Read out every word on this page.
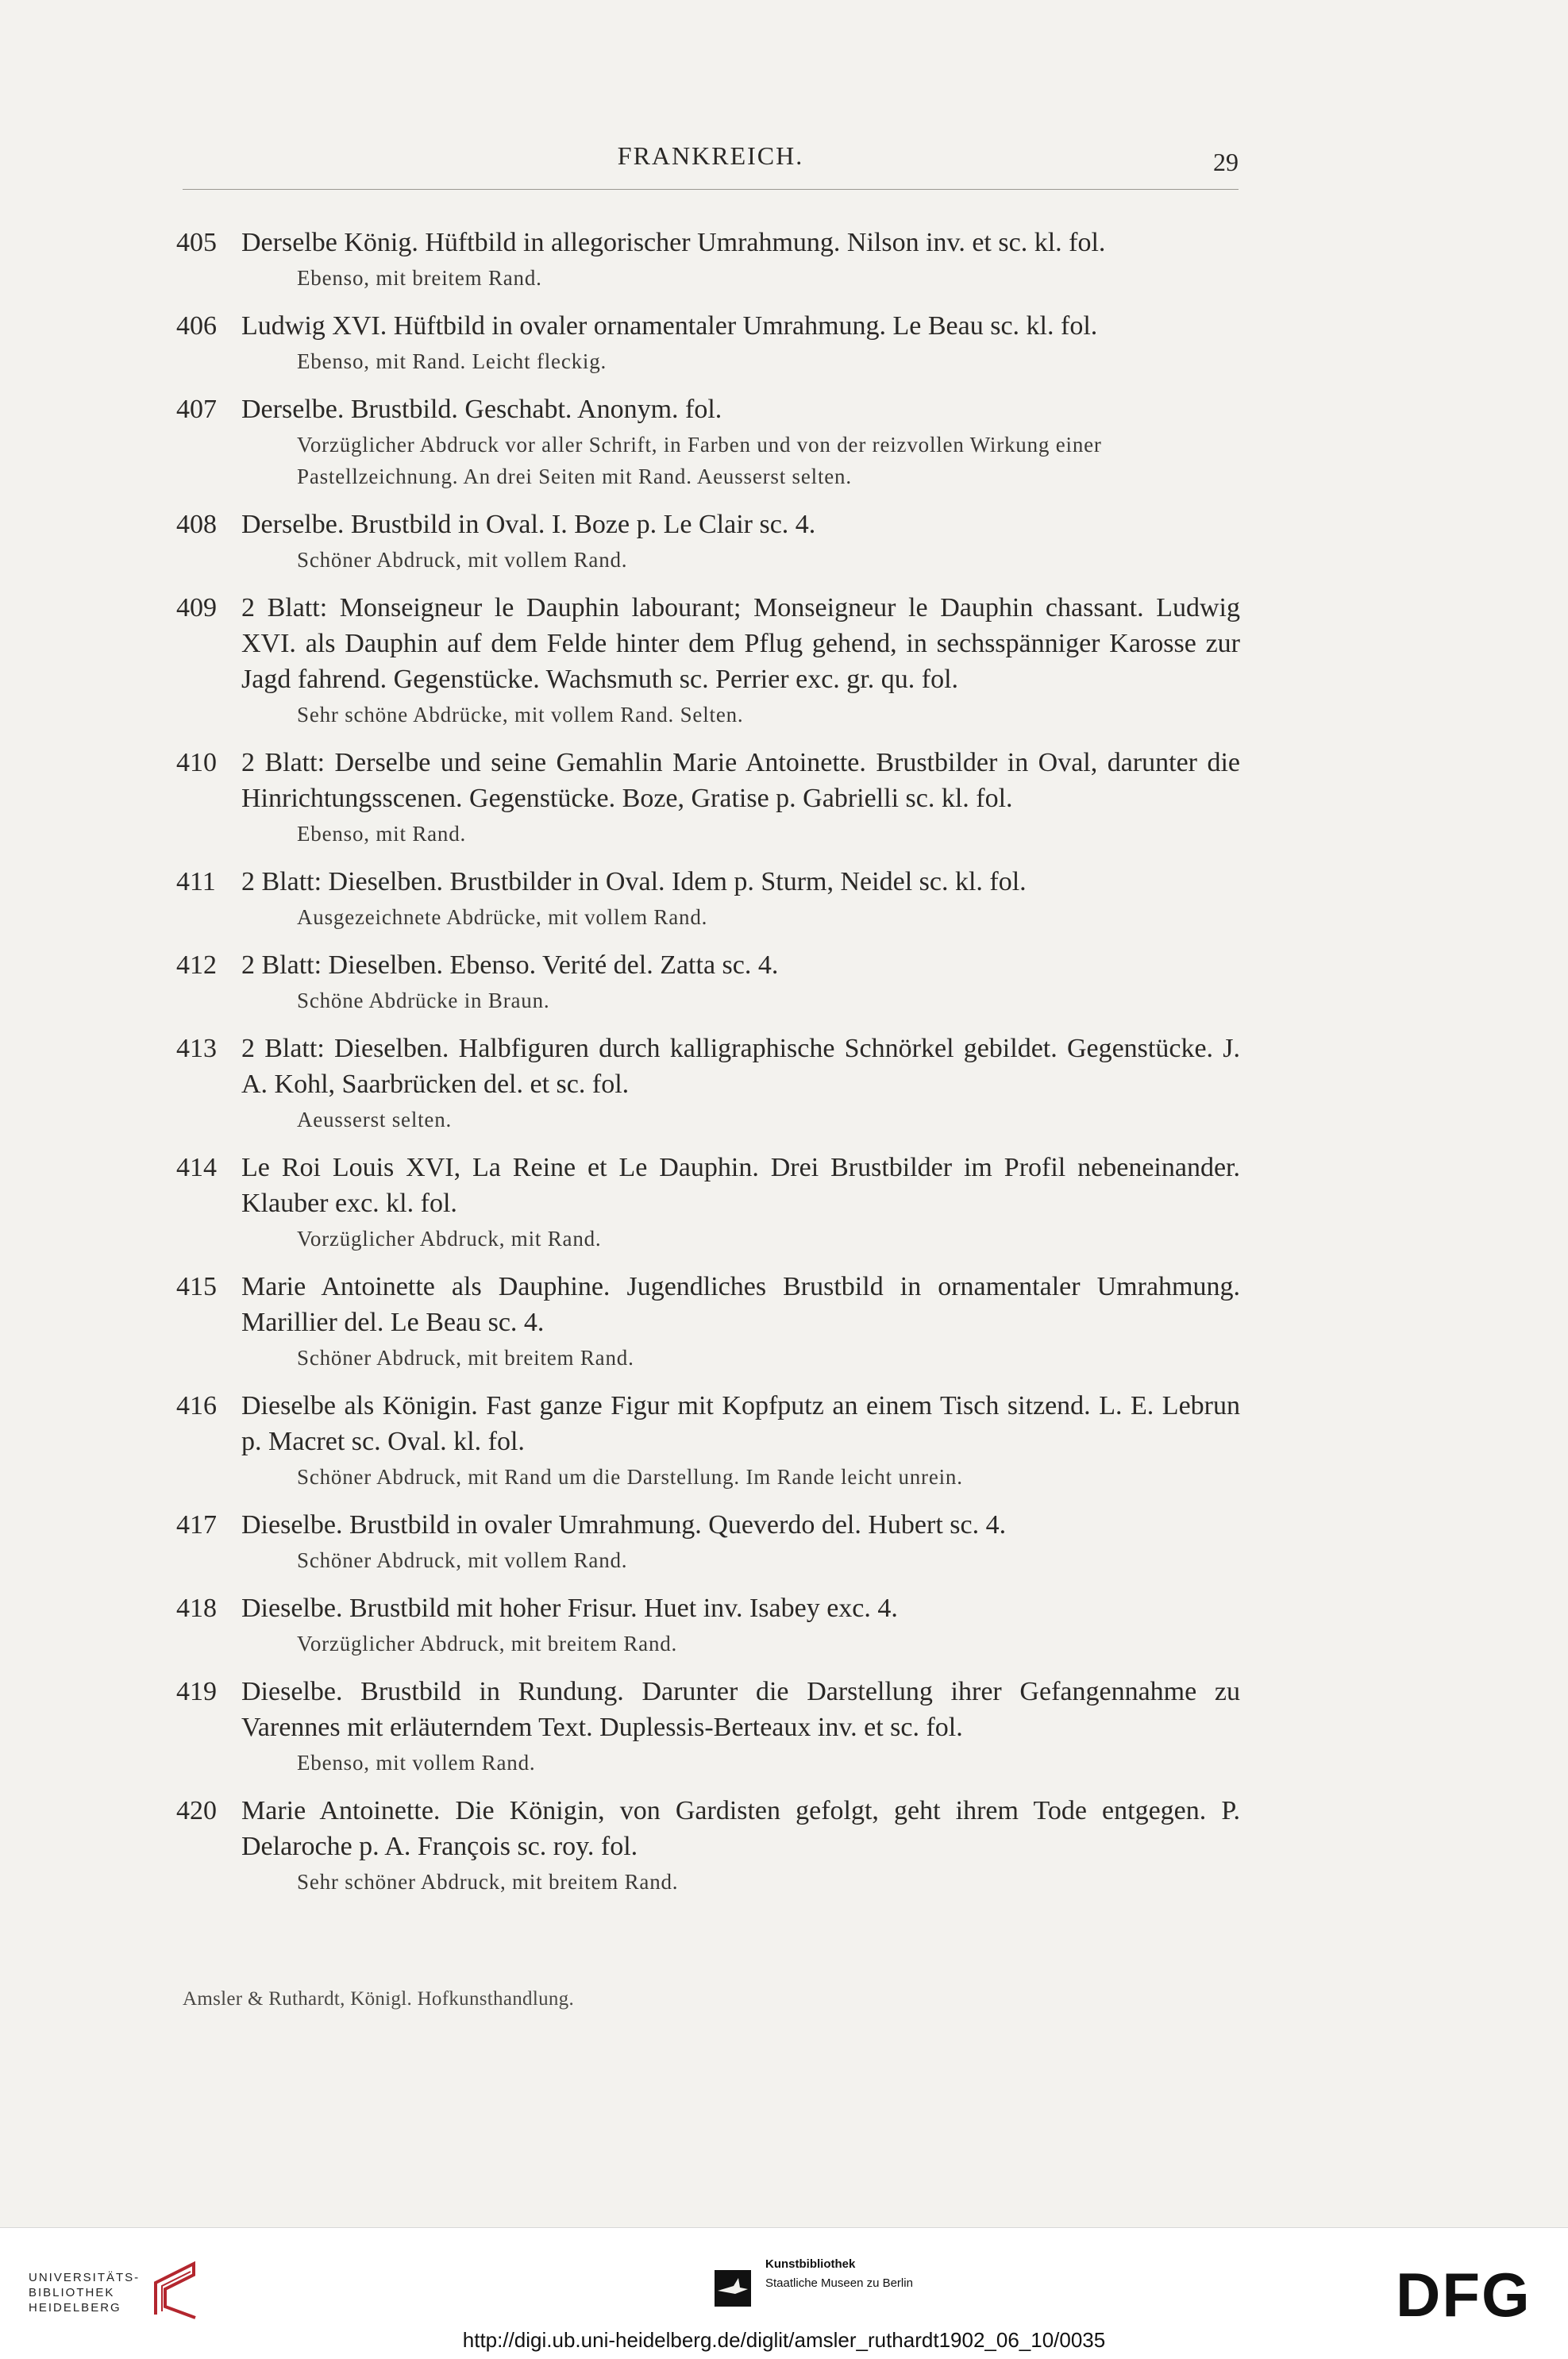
FRANKREICH.	29
405 Derselbe König. Hüftbild in allegorischer Umrahmung. Nilson inv. et sc. kl. fol.

Ebenso, mit breitem Rand.

406 Ludwig XVI. Hüftbild in ovaler ornamentaler Umrahmung. Le Beau sc. kl. fol.

Ebenso, mit Rand. Leicht fleckig.

407 Derselbe. Brustbild. Geschabt. Anonym. fol.

Vorzüglicher Abdruck vor aller Schrift, in Farben und von der reizvollen Wirkung einer Pastellzeichnung. An drei Seiten mit Rand. Aeusserst selten.

408 Derselbe. Brustbild in Oval. I. Boze p. Le Clair sc. 4.

Schöner Abdruck, mit vollem Rand.

409 2 Blatt: Monseigneur le Dauphin labourant; Monseigneur le Dauphin chassant. Ludwig XVI. als Dauphin auf dem Felde hinter dem Pflug gehend, in sechsspänniger Karosse zur Jagd fahrend. Gegenstücke. Wachsmuth sc. Perrier exc. gr. qu. fol.

Sehr schöne Abdrücke, mit vollem Rand. Selten.

410 2 Blatt: Derselbe und seine Gemahlin Marie Antoinette. Brustbilder in Oval, darunter die Hinrichtungsscenen. Gegenstücke. Boze, Gratise p. Gabrielli sc. kl. fol.

Ebenso, mit Rand.

411 2 Blatt: Dieselben. Brustbilder in Oval. Idem p. Sturm, Neidel sc. kl. fol.

Ausgezeichnete Abdrücke, mit vollem Rand.

412 2 Blatt: Dieselben. Ebenso. Verité del. Zatta sc. 4.

Schöne Abdrücke in Braun.

413 2 Blatt: Dieselben. Halbfiguren durch kalligraphische Schnörkel gebildet. Gegenstücke. J. A. Kohl, Saarbrücken del. et sc. fol.

Aeusserst selten.

414 Le Roi Louis XVI, La Reine et Le Dauphin. Drei Brustbilder im Profil nebeneinander. Klauber exc. kl. fol.

Vorzüglicher Abdruck, mit Rand.

415 Marie Antoinette als Dauphine. Jugendliches Brustbild in ornamentaler Umrahmung. Marillier del. Le Beau sc. 4.

Schöner Abdruck, mit breitem Rand.

416 Dieselbe als Königin. Fast ganze Figur mit Kopfputz an einem Tisch sitzend. L. E. Lebrun p. Macret sc. Oval. kl. fol.

Schöner Abdruck, mit Rand um die Darstellung. Im Rande leicht unrein.

417 Dieselbe. Brustbild in ovaler Umrahmung. Queverdo del. Hubert sc. 4.

Schöner Abdruck, mit vollem Rand.

418 Dieselbe. Brustbild mit hoher Frisur. Huet inv. Isabey exc. 4.

Vorzüglicher Abdruck, mit breitem Rand.

419 Dieselbe. Brustbild in Rundung. Darunter die Darstellung ihrer Gefangennahme zu Varennes mit erläuterndem Text. Duplessis-Berteaux inv. et sc. fol.

Ebenso, mit vollem Rand.

420 Marie Antoinette. Die Königin, von Gardisten gefolgt, geht ihrem Tode entgegen. P. Delaroche p. A. François sc. roy. fol.

Sehr schöner Abdruck, mit breitem Rand.

Amsler & Ruthardt, Königl. Hofkunsthandlung.
UNIVERSITÄTS-
BIBLIOTHEK
HEIDELBERG
Kunstbibliothek
Staatliche Museen zu Berlin	DFG
http://digi.ub.uni-heidelberg.de/diglit/amsler_ruthardt1902_06_10/0035
